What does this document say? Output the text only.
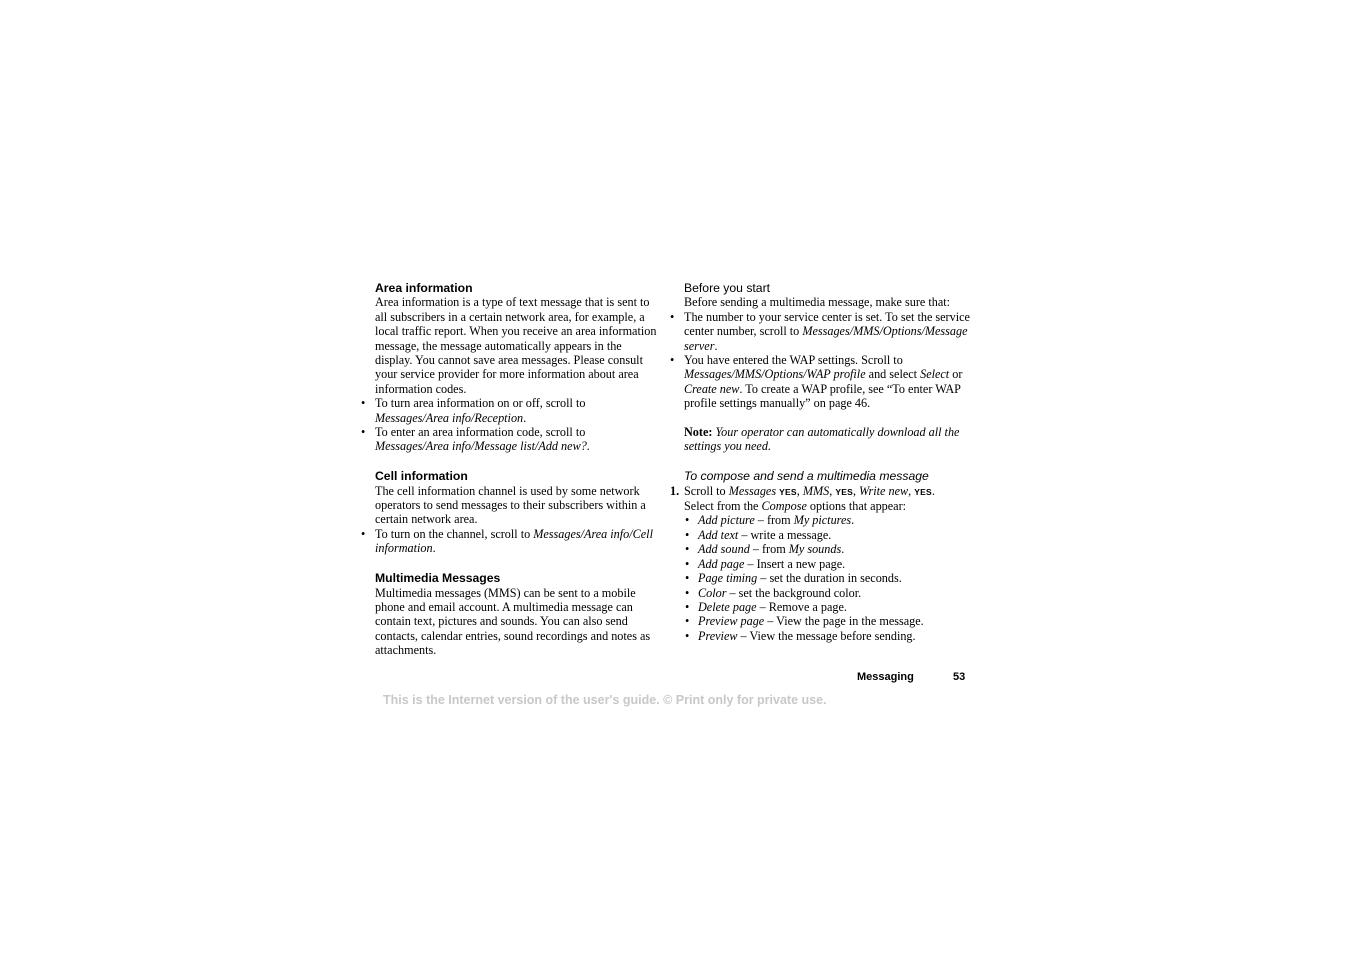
Area information

Area information is a type of text message that is sent to all subscribers in a certain network area, for example, a local traffic report. When you receive an area information message, the message automatically appears in the display. You cannot save area messages. Please consult your service provider for more information about area information codes.

• To turn area information on or off, scroll to Messages/Area info/Reception.
• To enter an area information code, scroll to Messages/Area info/Message list/Add new?.
Cell information

The cell information channel is used by some network operators to send messages to their subscribers within a certain network area.

• To turn on the channel, scroll to Messages/Area info/Cell information.
Multimedia Messages

Multimedia messages (MMS) can be sent to a mobile phone and email account. A multimedia message can contain text, pictures and sounds. You can also send contacts, calendar entries, sound recordings and notes as attachments.

Before you start

Before sending a multimedia message, make sure that:

• The number to your service center is set. To set the service center number, scroll to Messages/MMS/Options/Message server.
• You have entered the WAP settings. Scroll to Messages/MMS/Options/WAP profile and select Select or Create new. To create a WAP profile, see “To enter WAP profile settings manually” on page 46.

Note: Your operator can automatically download all the settings you need.

To compose and send a multimedia message
1. Scroll to Messages YES, MMS, YES, Write new, YES.
Select from the Compose options that appear:
• Add picture – from My pictures.
• Add text – write a message.
• Add sound – from My sounds.
• Add page – Insert a new page.
• Page timing – set the duration in seconds.
• Color – set the background color.
• Delete page – Remove a page.
• Preview page – View the page in the message.
• Preview – View the message before sending.
Messaging	53
This is the Internet version of the user's guide. © Print only for private use.
